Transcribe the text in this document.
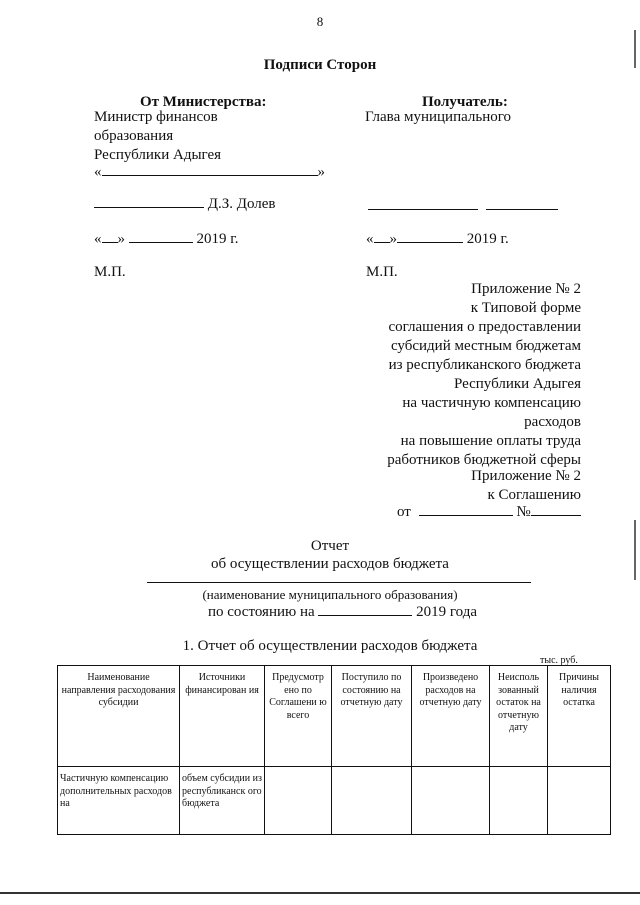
8
Подписи Сторон
От Министерства:
Министр финансов
образования
Республики Адыгея
«	»
Д.З. Долев
« »	2019 г.
М.П.
Получатель:
Глава муниципального
« »	2019 г.
М.П.
Приложение № 2
к Типовой форме
соглашения о предоставлении
субсидий местным бюджетам
из республиканского бюджета
Республики Адыгея
на частичную компенсацию
расходов
на повышение оплаты труда
работников бюджетной сферы
Приложение № 2
к Соглашению
от	№
Отчет
об осуществлении расходов бюджета
(наименование муниципального образования)
по состоянию на	2019 года
1. Отчет об осуществлении расходов бюджета
тыс. руб.
Наименование направления расходования субсидии	Источники финансирован ия	Предусмотр ено по Соглашени ю всего	Поступило по состоянию на отчетную дату	Произведено расходов на отчетную дату	Неисполь зованный остаток на отчетную дату	Причины наличия остатка
Частичную компенсацию дополнительных расходов на	объем субсидии из республиканск ого бюджета					
